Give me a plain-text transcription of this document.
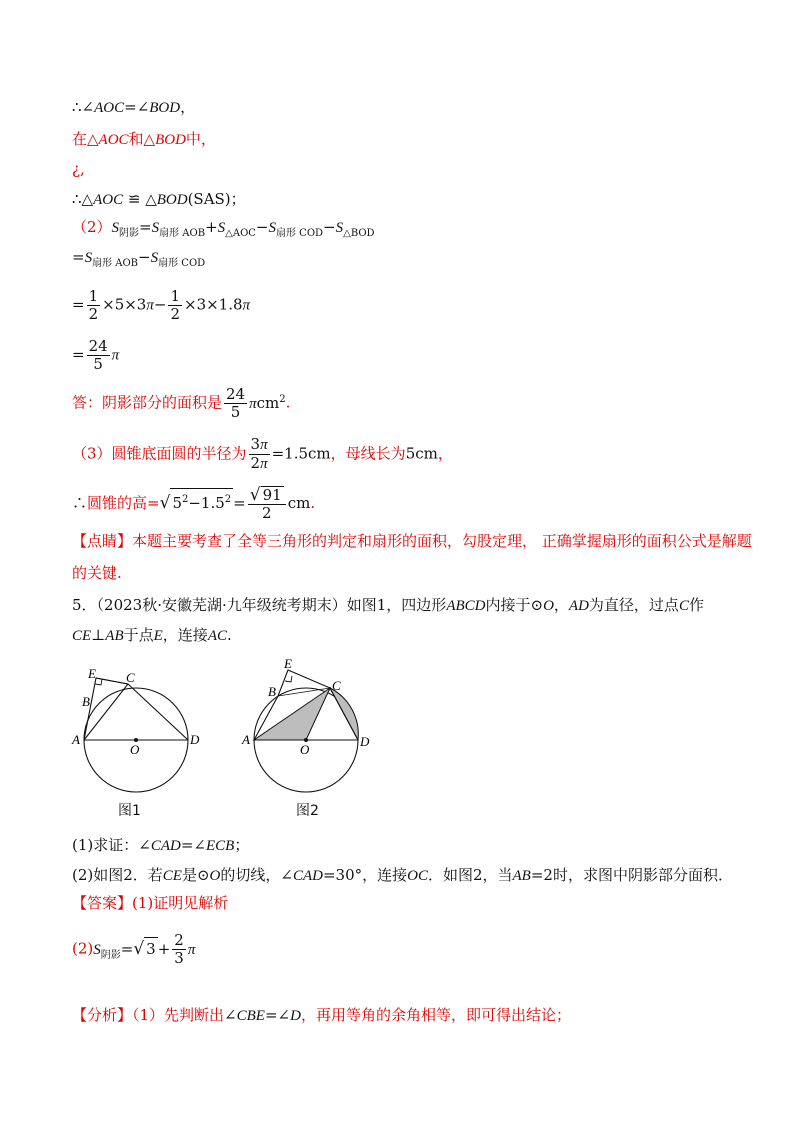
∴∠AOC=∠BOD，
在△AOC和△BOD中，
¿,
∴△AOC ≌ △BOD(SAS)；
$(2)S_{阴影}=S_{扇形 AOB}+S_{\triangle AOC}-S_{扇形 COD}-S_{\triangle BOD}$
$=S_{扇形 AOB}-S_{扇形 COD}$
= $\frac{1}{2} \times 5\times 3\pi- \frac{1}{2} \times 3\times 1.8\pi$
= $\frac{24}{5}$ π
答：阴影部分的面积是 $\frac{24}{5} \pi cm^2$.
（3）圆锥底面圆的半径为 $\frac{3\pi}{2\pi} =1.5cm$，母线长为5cm，
∴圆锥的高=√ $5^2-1.5^2 = \frac{√ 91}{2}$ cm.
【点睛】本题主要考查了全等三角形的判定和扇形的面积，勾股定理， 正确掌握扇形的面积公式是解题
的关键.
5．（2023秋·安徽芜湖·九年级统考期末）如图1，四边形ABCD内接于⊙O，AD为直径，过点C作
CE⊥AB于点E，连接AC.
E C
B
A
O
D
图1
E
C
B
A
O
D
图2
(1)求证：∠CAD=∠ECB；
(2)如图2．若CE是⊙O的切线，∠CAD=30°，连接OC．如图2，当AB=2时，求图中阴影部分面积．
【答案】(1)证明见解析
$(2)S_{阴影}=√$ $3 + \frac{2}{3}$ π
【分析】（1）先判断出∠CBE=∠D，再用等角的余角相等，即可得出结论；
